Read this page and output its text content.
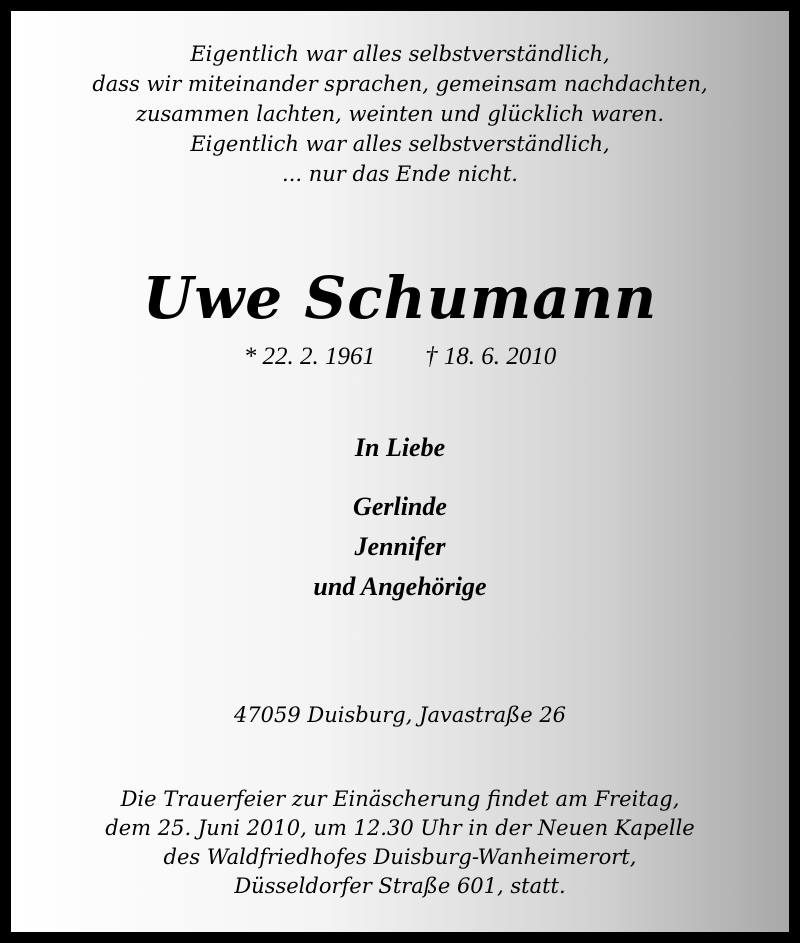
Eigentlich war alles selbstverständlich,
dass wir miteinander sprachen, gemeinsam nachdachten,
zusammen lachten, weinten und glücklich waren.
Eigentlich war alles selbstverständlich,
... nur das Ende nicht.
Uwe Schumann
* 22. 2. 1961 † 18. 6. 2010
In Liebe
Gerlinde
Jennifer
und Angehörige
47059 Duisburg, Javastraße 26
Die Trauerfeier zur Einäscherung findet am Freitag,
dem 25. Juni 2010, um 12.30 Uhr in der Neuen Kapelle
des Waldfriedhofes Duisburg-Wanheimerort,
Düsseldorfer Straße 601, statt.
